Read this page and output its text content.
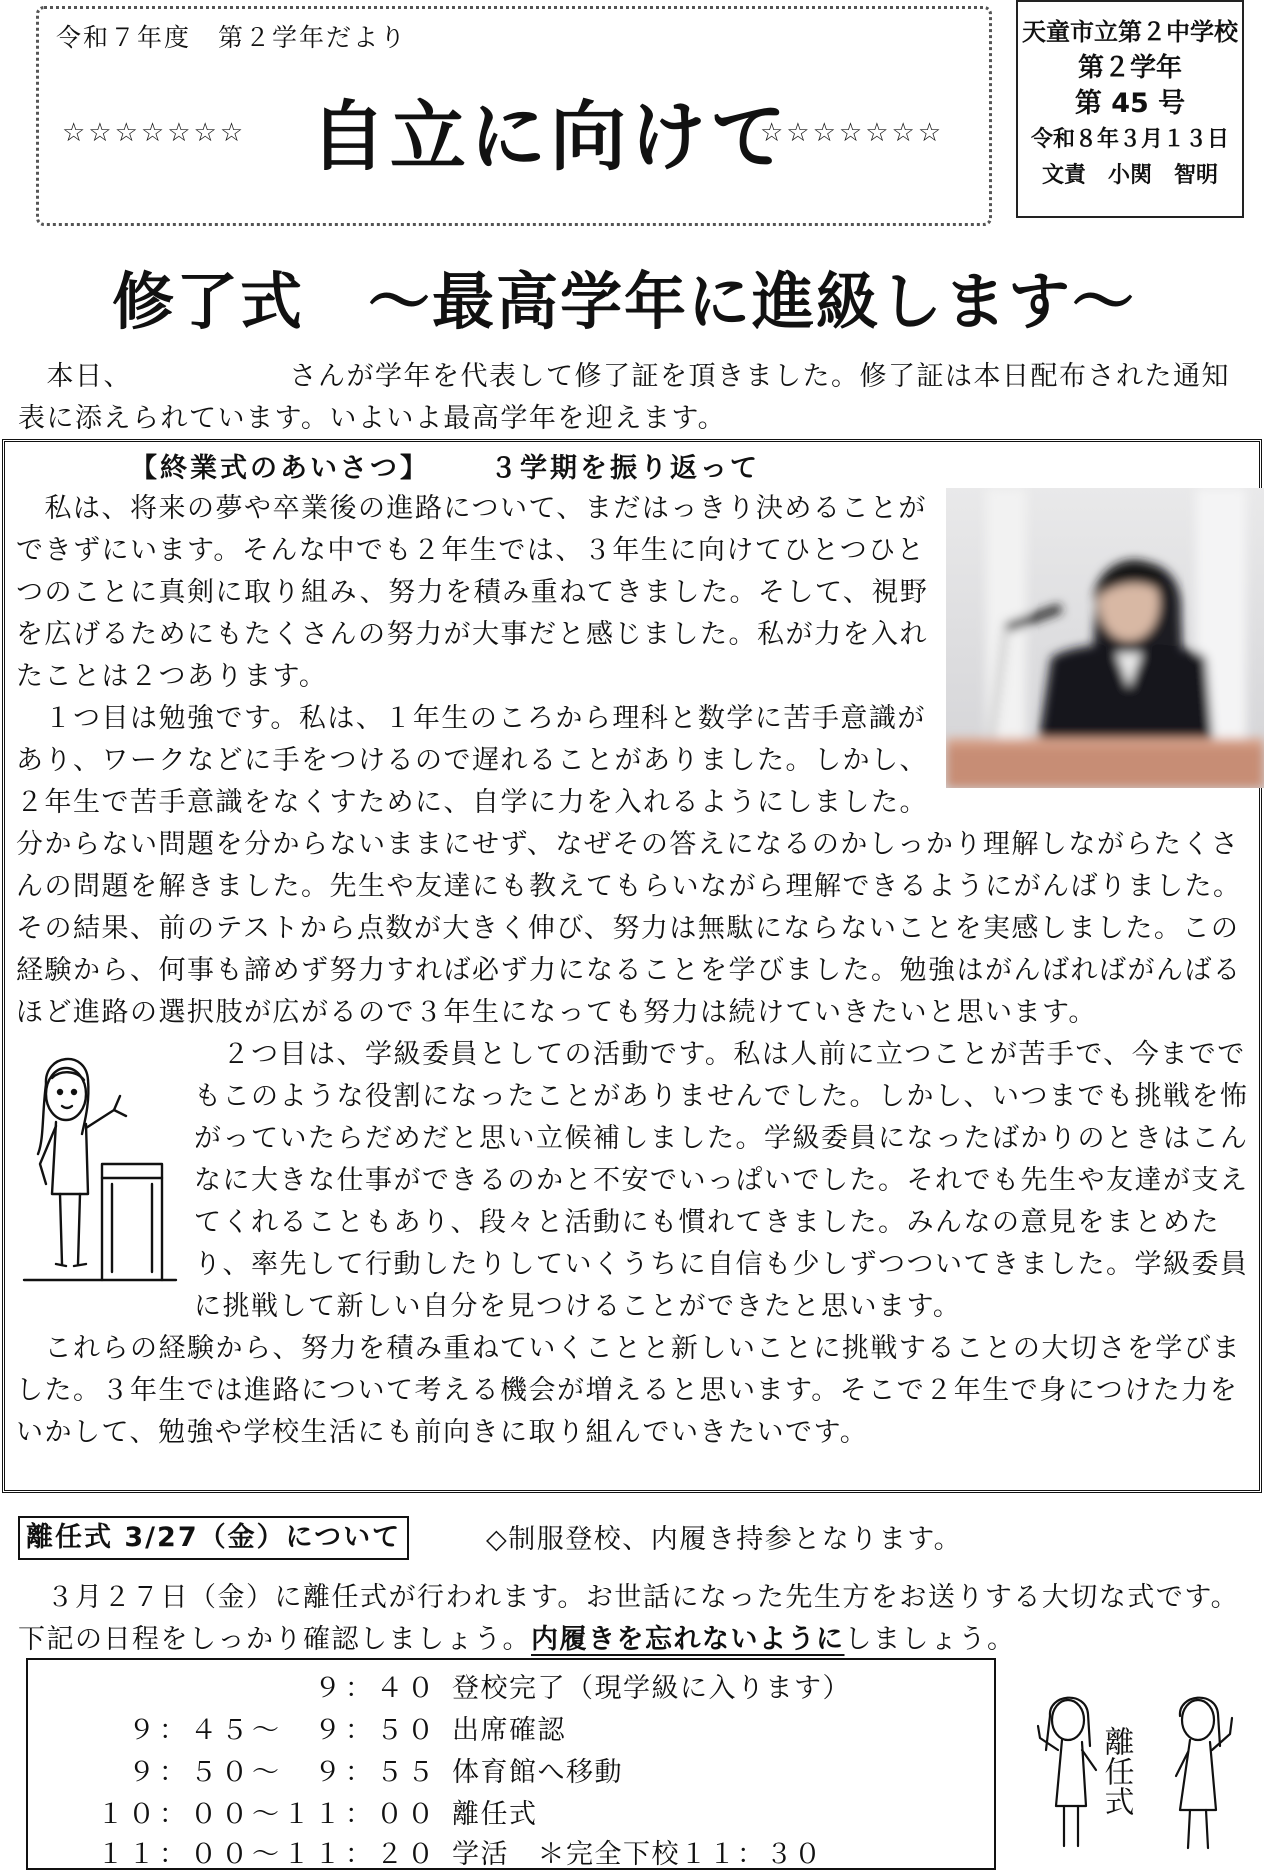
令和７年度　第２学年だより
☆☆☆☆☆☆☆ 自立に向けて
☆☆☆☆☆☆☆
天童市立第２中学校
第２学年
第 45 号
令和８年３月１３日
文責　小関　智明
修了式　～最高学年に進級します～
　本日、　　　　　　さんが学年を代表して修了証を頂きました。修了証は本日配布された通知表に添えられています。いよいよ最高学年を迎えます。
【終業式のあいさつ】 ３学期を振り返って

　私は、将来の夢や卒業後の進路について、まだはっきり決めることができずにいます。そんな中でも２年生では、３年生に向けてひとつひとつのことに真剣に取り組み、努力を積み重ねてきました。そして、視野を広げるためにもたくさんの努力が大事だと感じました。私が力を入れたことは２つあります。

　１つ目は勉強です。私は、１年生のころから理科と数学に苦手意識があり、ワークなどに手をつけるので遅れることがありました。しかし、２年生で苦手意識をなくすために、自学に力を入れるようにしました。分からない問題を分からないままにせず、なぜその答えになるのかしっかり理解しながらたくさんの問題を解きました。先生や友達にも教えてもらいながら理解できるようにがんばりました。その結果、前のテストから点数が大きく伸び、努力は無駄にならないことを実感しました。この経験から、何事も諦めず努力すれば必ず力になることを学びました。勉強はがんばればがんばるほど進路の選択肢が広がるので３年生になっても努力は続けていきたいと思います。

　２つ目は、学級委員としての活動です。私は人前に立つことが苦手で、今まででもこのような役割になったことがありませんでした。しかし、いつまでも挑戦を怖がっていたらだめだと思い立候補しました。学級委員になったばかりのときはこんなに大きな仕事ができるのかと不安でいっぱいでした。それでも先生や友達が支えてくれることもあり、段々と活動にも慣れてきました。みんなの意見をまとめたり、率先して行動したりしていくうちに自信も少しずつついてきました。学級委員に挑戦して新しい自分を見つけることができたと思います。

　これらの経験から、努力を積み重ねていくことと新しいことに挑戦することの大切さを学びました。３年生では進路について考える機会が増えると思います。そこで２年生で身につけた力をいかして、勉強や学校生活にも前向きに取り組んでいきたいです。

離任式 3/27（金）について	◇制服登校、内履き持参となります。
　３月２７日（金）に離任式が行われます。お世話になった先生方をお送りする大切な式です。下記の日程をしっかり確認しましょう。内履きを忘れないようにしましょう。
９：４０ 登校完了（現学級に入ります）
９：４５～　９：５０ 出席確認
９：５０～　９：５５ 体育館へ移動
１０：００～１１：００ 離任式
１１：００～１１：２０ 学活　＊完全下校１１：３０
離任式
